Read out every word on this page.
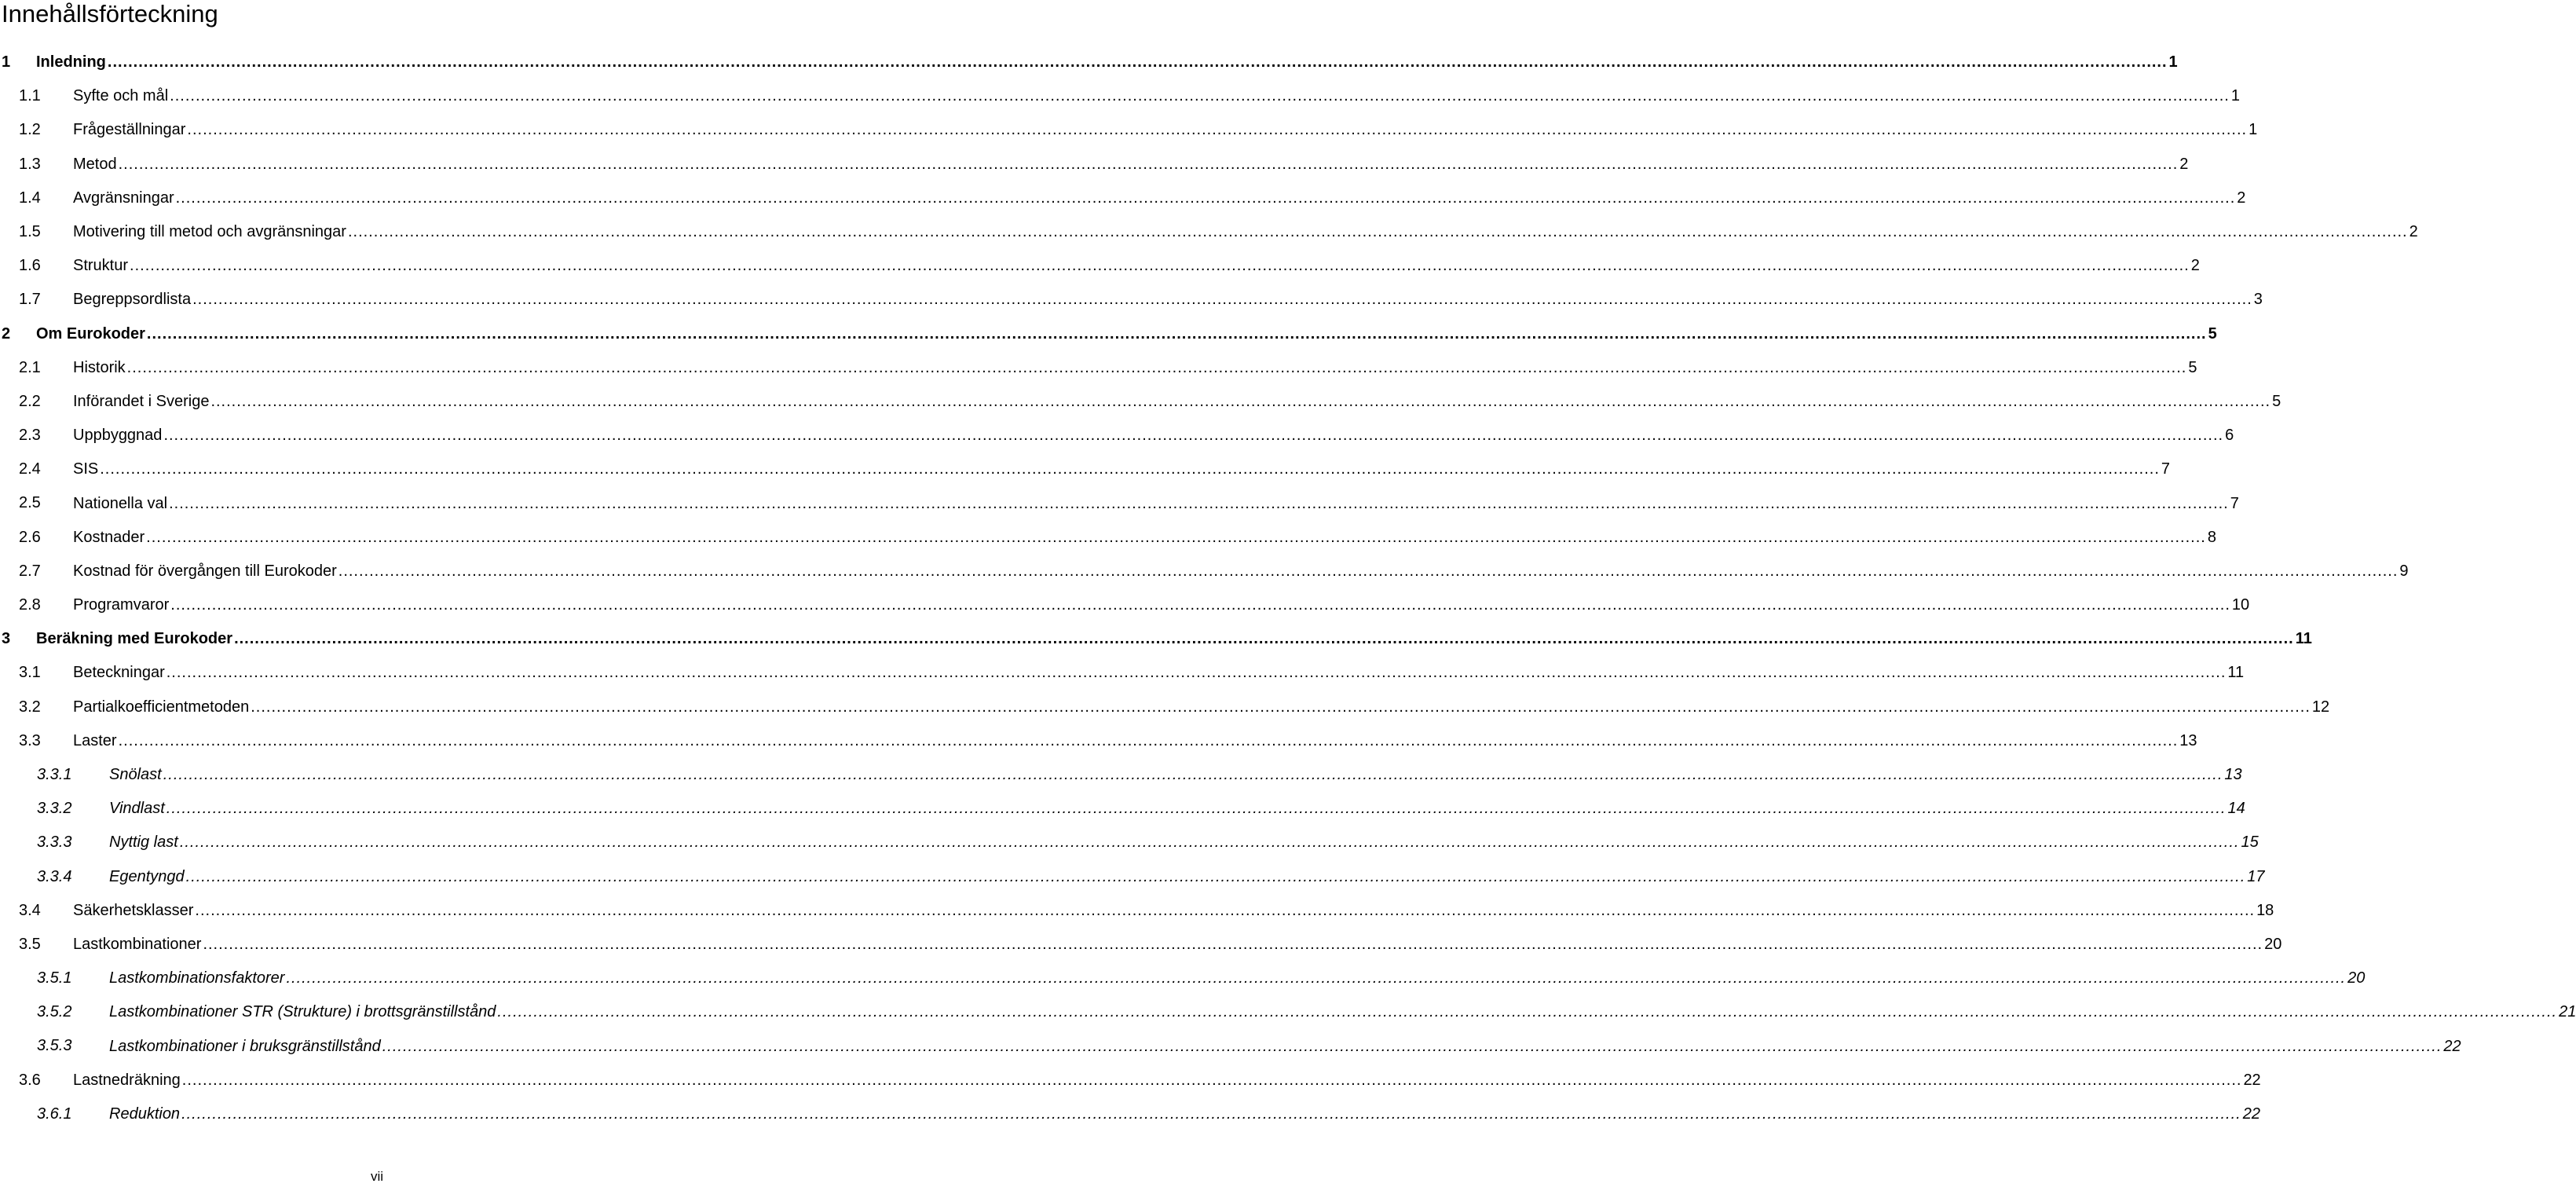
Innehållsförteckning
1 Inledning ................................................................................................................................................................................................................................................................................................................................................................................................................ 1
1.1 Syfte och mål ................................................................................................................................................................................................................................................................................................................................................................................................................ 1
1.2 Frågeställningar ................................................................................................................................................................................................................................................................................................................................................................................................................ 1
1.3 Metod ................................................................................................................................................................................................................................................................................................................................................................................................................ 2
1.4 Avgränsningar ................................................................................................................................................................................................................................................................................................................................................................................................................ 2
1.5 Motivering till metod och avgränsningar ................................................................................................................................................................................................................................................................................................................................................................................................................ 2
1.6 Struktur ................................................................................................................................................................................................................................................................................................................................................................................................................ 2
1.7 Begreppsordlista ................................................................................................................................................................................................................................................................................................................................................................................................................ 3
2 Om Eurokoder ................................................................................................................................................................................................................................................................................................................................................................................................................ 5
2.1 Historik ................................................................................................................................................................................................................................................................................................................................................................................................................ 5
2.2 Införandet i Sverige ................................................................................................................................................................................................................................................................................................................................................................................................................ 5
2.3 Uppbyggnad ................................................................................................................................................................................................................................................................................................................................................................................................................ 6
2.4 SIS ................................................................................................................................................................................................................................................................................................................................................................................................................ 7
2.5 Nationella val ................................................................................................................................................................................................................................................................................................................................................................................................................ 7
2.6 Kostnader ................................................................................................................................................................................................................................................................................................................................................................................................................ 8
2.7 Kostnad för övergången till Eurokoder ................................................................................................................................................................................................................................................................................................................................................................................................................ 9
2.8 Programvaror ................................................................................................................................................................................................................................................................................................................................................................................................................ 10
3 Beräkning med Eurokoder ................................................................................................................................................................................................................................................................................................................................................................................................................ 11
3.1 Beteckningar ................................................................................................................................................................................................................................................................................................................................................................................................................ 11
3.2 Partialkoefficientmetoden ................................................................................................................................................................................................................................................................................................................................................................................................................ 12
3.3 Laster ................................................................................................................................................................................................................................................................................................................................................................................................................ 13
3.3.1 Snölast ................................................................................................................................................................................................................................................................................................................................................................................................................ 13
3.3.2 Vindlast ................................................................................................................................................................................................................................................................................................................................................................................................................ 14
3.3.3 Nyttig last ................................................................................................................................................................................................................................................................................................................................................................................................................ 15
3.3.4 Egentyngd ................................................................................................................................................................................................................................................................................................................................................................................................................ 17
3.4 Säkerhetsklasser ................................................................................................................................................................................................................................................................................................................................................................................................................ 18
3.5 Lastkombinationer ................................................................................................................................................................................................................................................................................................................................................................................................................ 20
3.5.1 Lastkombinationsfaktorer ................................................................................................................................................................................................................................................................................................................................................................................................................ 20
3.5.2 Lastkombinationer STR (Strukture) i brottsgränstillstånd ................................................................................................................................................................................................................................................................................................................................................................................................................ 21
3.5.3 Lastkombinationer i bruksgränstillstånd ................................................................................................................................................................................................................................................................................................................................................................................................................ 22
3.6 Lastnedräkning ................................................................................................................................................................................................................................................................................................................................................................................................................ 22
3.6.1 Reduktion ................................................................................................................................................................................................................................................................................................................................................................................................................ 22
vii
